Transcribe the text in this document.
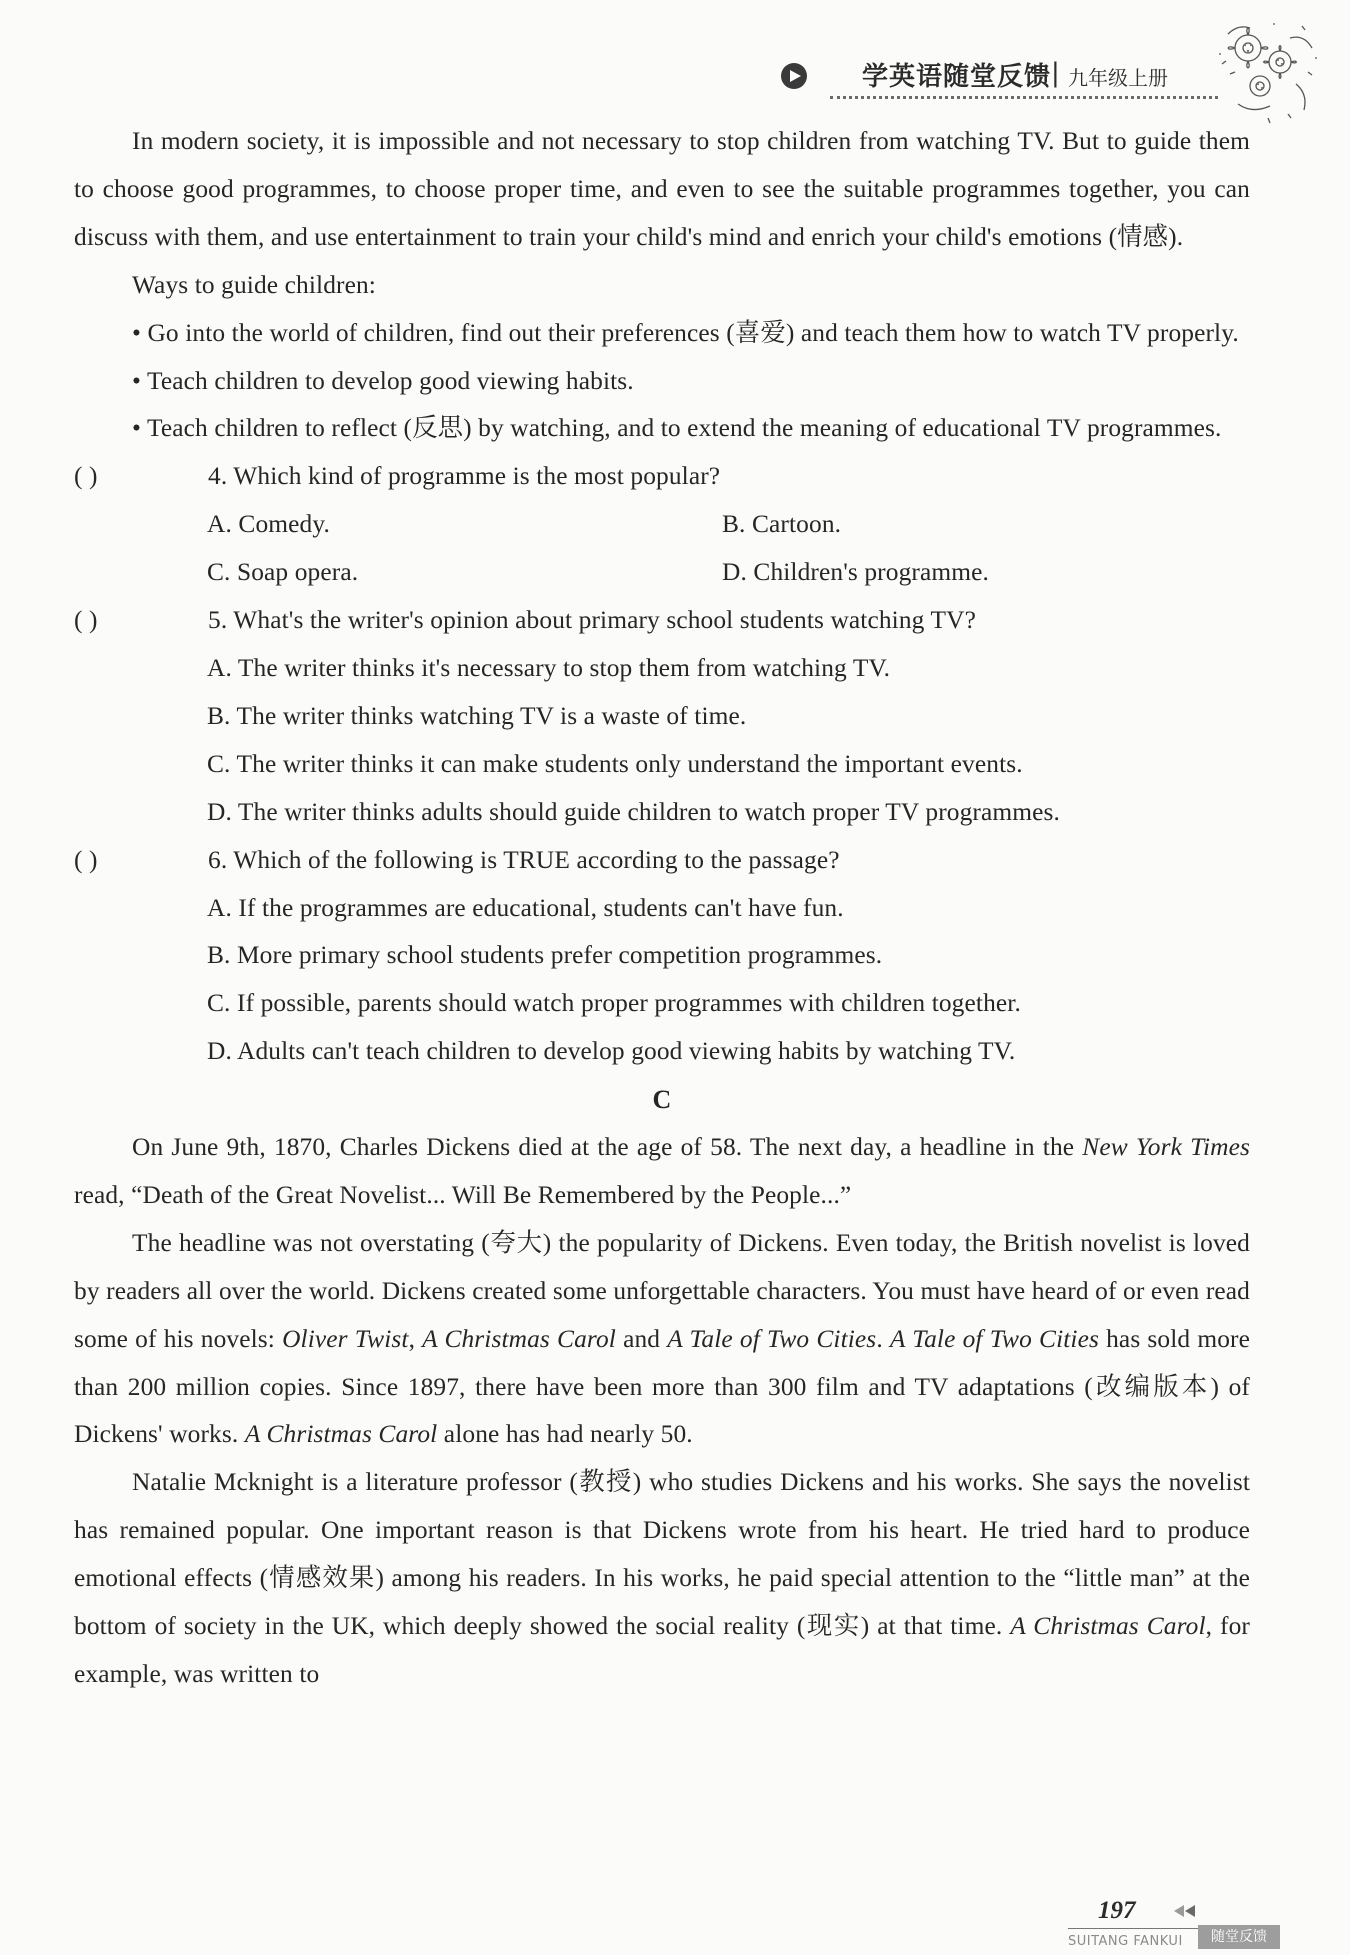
学英语随堂反馈 | 九年级上册

In modern society, it is impossible and not necessary to stop children from watching TV. But to guide them to choose good programmes, to choose proper time, and even to see the suitable programmes together, you can discuss with them, and use entertainment to train your child's mind and enrich your child's emotions (情感).

Ways to guide children:

• Go into the world of children, find out their preferences (喜爱) and teach them how to watch TV properly.

• Teach children to develop good viewing habits.

• Teach children to reflect (反思) by watching, and to extend the meaning of educational TV programmes.

( )	4. Which kind of programme is the most popular?
A. Comedy.	B. Cartoon.
C. Soap opera.	D. Children's programme.
( )	5. What's the writer's opinion about primary school students watching TV?
A. The writer thinks it's necessary to stop them from watching TV.
B. The writer thinks watching TV is a waste of time.
C. The writer thinks it can make students only understand the important events.
D. The writer thinks adults should guide children to watch proper TV programmes.
( )	6. Which of the following is TRUE according to the passage?
A. If the programmes are educational, students can't have fun.
B. More primary school students prefer competition programmes.
C. If possible, parents should watch proper programmes with children together.
D. Adults can't teach children to develop good viewing habits by watching TV.

C

On June 9th, 1870, Charles Dickens died at the age of 58. The next day, a headline in the New York Times read, “Death of the Great Novelist... Will Be Remembered by the People...”

The headline was not overstating (夸大) the popularity of Dickens. Even today, the British novelist is loved by readers all over the world. Dickens created some unforgettable characters. You must have heard of or even read some of his novels: Oliver Twist, A Christmas Carol and A Tale of Two Cities. A Tale of Two Cities has sold more than 200 million copies. Since 1897, there have been more than 300 film and TV adaptations (改编版本) of Dickens' works. A Christmas Carol alone has had nearly 50.

Natalie Mcknight is a literature professor (教授) who studies Dickens and his works. She says the novelist has remained popular. One important reason is that Dickens wrote from his heart. He tried hard to produce emotional effects (情感效果) among his readers. In his works, he paid special attention to the “little man” at the bottom of society in the UK, which deeply showed the social reality (现实) at that time. A Christmas Carol, for example, was written to

197
SUITANG FANKUI	随堂反馈
